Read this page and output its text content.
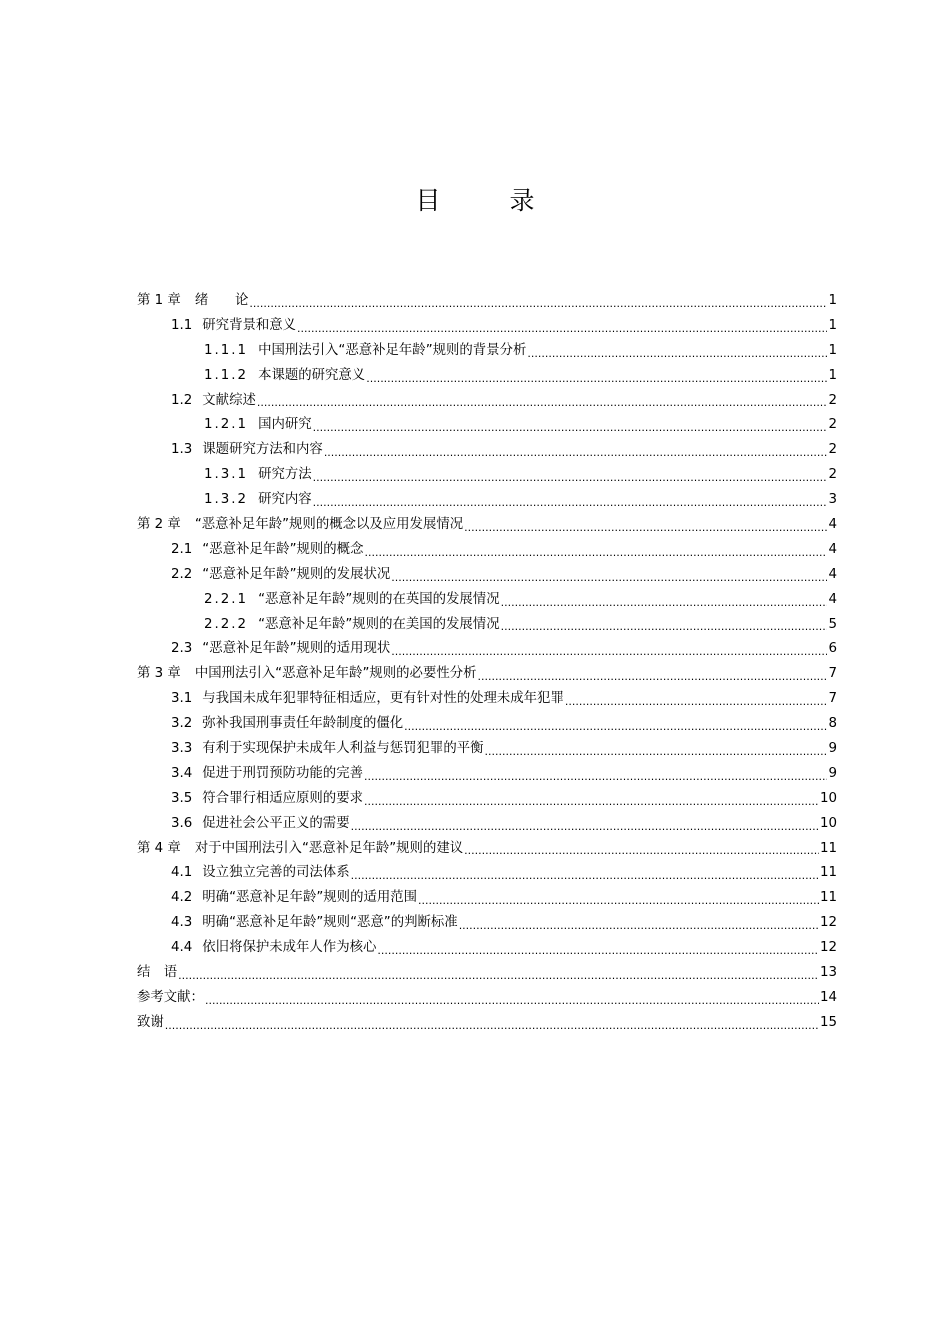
目　录
第 1 章 绪　　论 .....	1
1.1 研究背景和意义 .....	1
1.1.1 中国刑法引入“恶意补足年龄”规则的背景分析 .....	1
1.1.2 本课题的研究意义 .....	1
1.2 文献综述 .....	2
1.2.1 国内研究 .....	2
1.3 课题研究方法和内容 .....	2
1.3.1 研究方法 .....	2
1.3.2 研究内容 .....	3
第 2 章 “恶意补足年龄”规则的概念以及应用发展情况 .....	4
2.1 “恶意补足年龄”规则的概念 .....	4
2.2 “恶意补足年龄”规则的发展状况 .....	4
2.2.1 “恶意补足年龄”规则的在英国的发展情况 .....	4
2.2.2 “恶意补足年龄”规则的在美国的发展情况 .....	5
2.3 “恶意补足年龄”规则的适用现状 .....	6
第 3 章 中国刑法引入“恶意补足年龄”规则的必要性分析 .....	7
3.1 与我国未成年犯罪特征相适应，更有针对性的处理未成年犯罪 .....	7
3.2 弥补我国刑事责任年龄制度的僵化 .....	8
3.3 有利于实现保护未成年人利益与惩罚犯罪的平衡 .....	9
3.4 促进于刑罚预防功能的完善 .....	9
3.5 符合罪行相适应原则的要求 .....	10
3.6 促进社会公平正义的需要 .....	10
第 4 章 对于中国刑法引入“恶意补足年龄”规则的建议 .....	11
4.1 设立独立完善的司法体系 .....	11
4.2 明确“恶意补足年龄”规则的适用范围 .....	11
4.3 明确“恶意补足年龄”规则“恶意”的判断标准 .....	12
4.4 依旧将保护未成年人作为核心 .....	12
结　语 .....	13
参考文献： .....	14
致谢 .....	15
